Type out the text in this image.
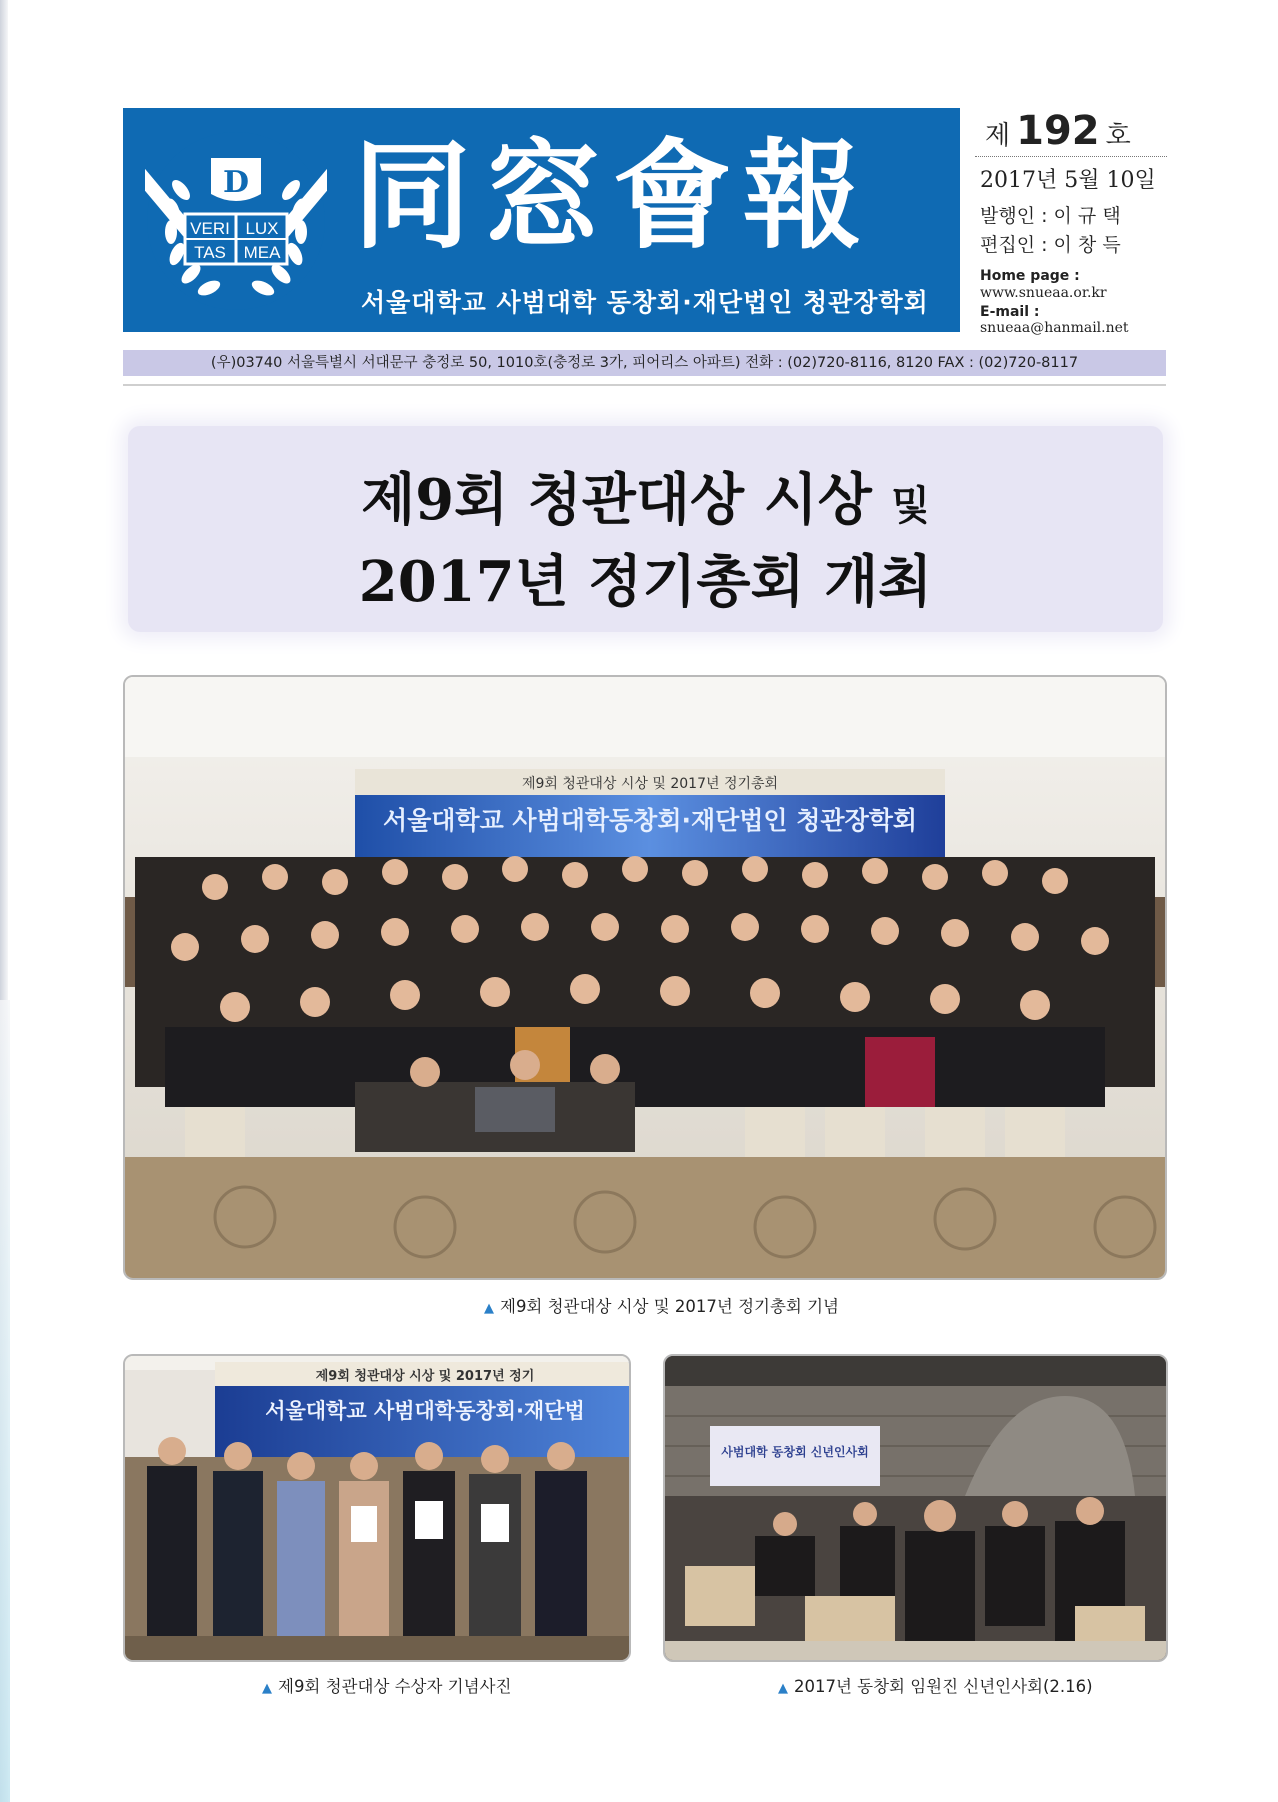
D
VERI LUX
TAS MEA 同窓會報
서울대학교 사범대학 동창회·재단법인 청관장학회
제 192 호
2017년 5월 10일
발행인 : 이 규 택
편집인 : 이 창 득
Home page :
www.snueaa.or.kr
E-mail :
snueaa@hanmail.net
(우)03740 서울특별시 서대문구 충정로 50, 1010호(충정로 3가, 피어리스 아파트) 전화 : (02)720-8116, 8120 FAX : (02)720-8117
제9회 청관대상 시상 및
2017년 정기총회 개최
제9회 청관대상 시상 및 2017년 정기총회
서울대학교 사범대학동창회·재단법인 청관장학회
▲ 제9회 청관대상 시상 및 2017년 정기총회 기념
제9회 청관대상 시상 및 2017년 정기
서울대학교 사범대학동창회·재단법
▲ 제9회 청관대상 수상자 기념사진
사범대학 동창회 신년인사회
▲ 2017년 동창회 임원진 신년인사회(2.16)
